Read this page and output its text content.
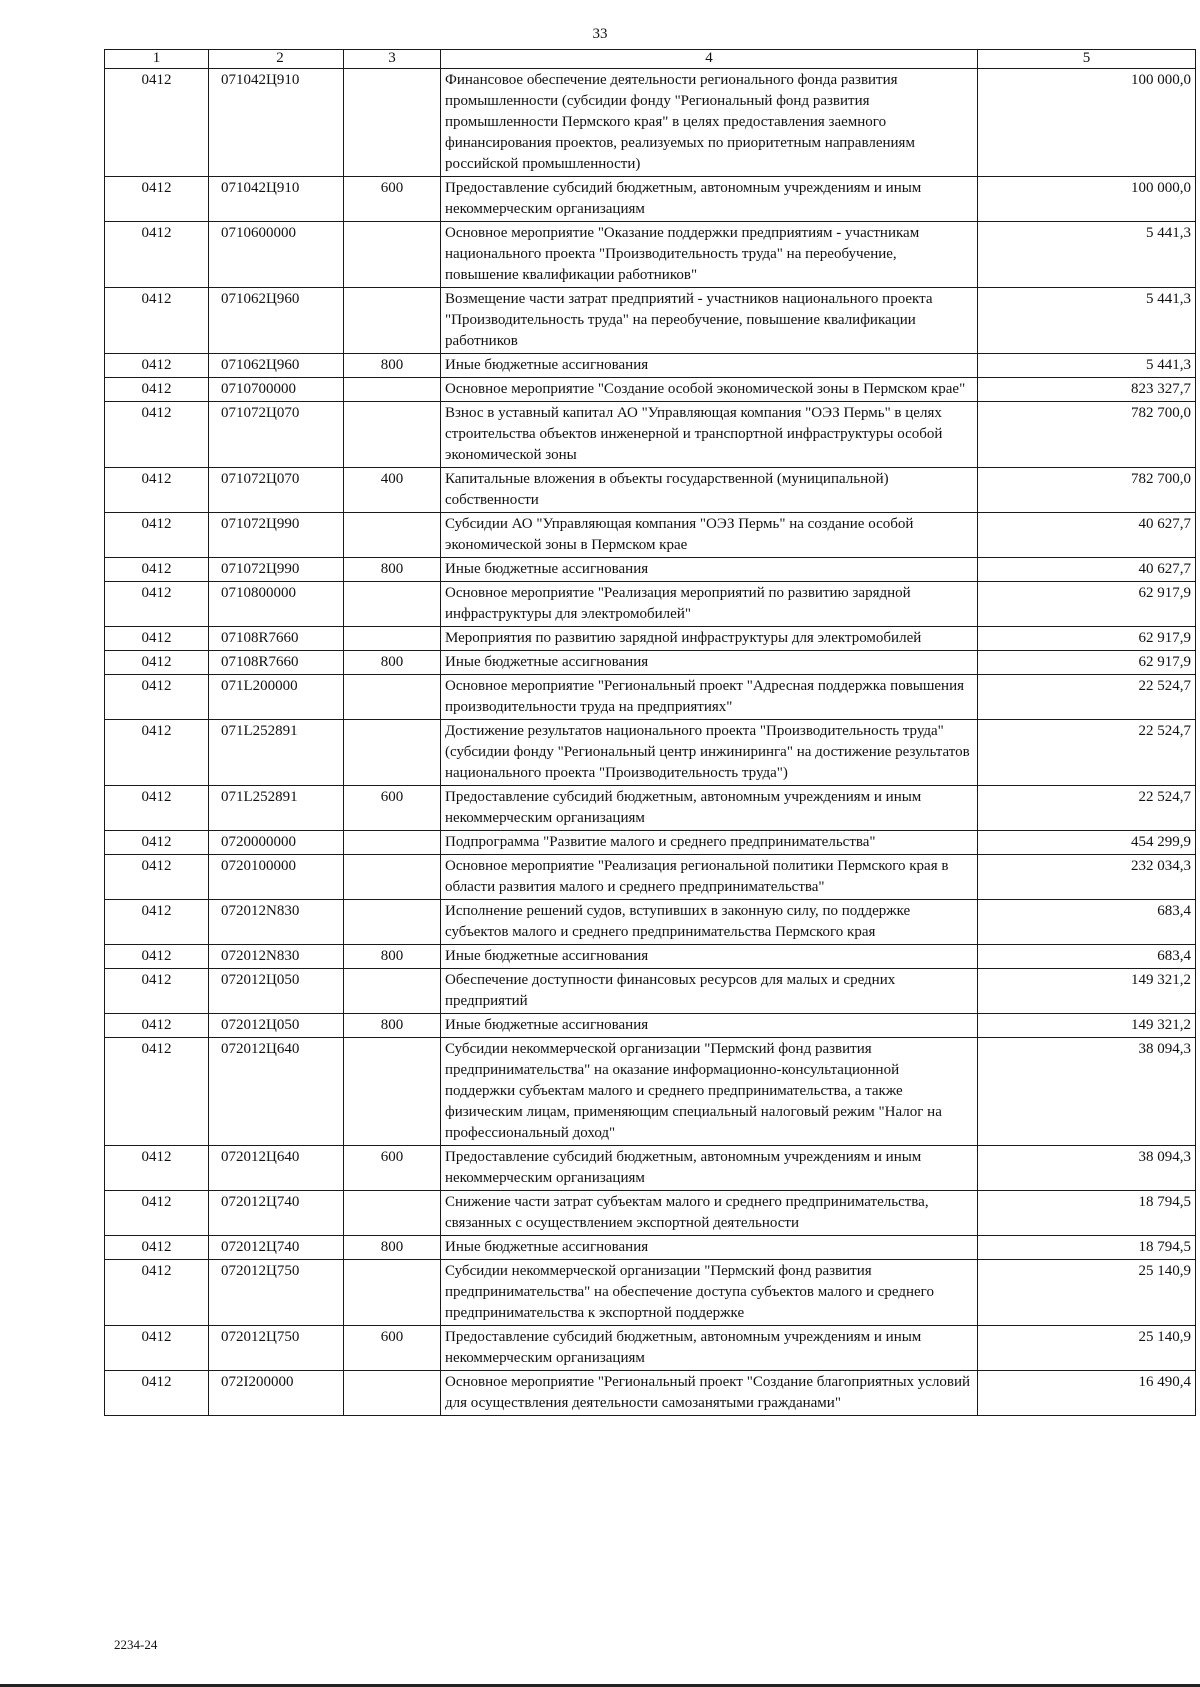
33
1	2	3	4	5
0412	071042Ц910		Финансовое обеспечение деятельности регионального фонда развития промышленности (субсидии фонду "Региональный фонд развития промышленности Пермского края" в целях предоставления заемного финансирования проектов, реализуемых по приоритетным направлениям российской промышленности)	100 000,0
0412	071042Ц910	600	Предоставление субсидий бюджетным, автономным учреждениям и иным некоммерческим организациям	100 000,0
0412	0710600000		Основное мероприятие "Оказание поддержки предприятиям - участникам национального проекта "Производительность труда" на переобучение, повышение квалификации работников"	5 441,3
0412	071062Ц960		Возмещение части затрат предприятий - участников национального проекта "Производительность труда" на переобучение, повышение квалификации работников	5 441,3
0412	071062Ц960	800	Иные бюджетные ассигнования	5 441,3
0412	0710700000		Основное мероприятие "Создание особой экономической зоны в Пермском крае"	823 327,7
0412	071072Ц070		Взнос в уставный капитал АО "Управляющая компания "ОЭЗ Пермь" в целях строительства объектов инженерной и транспортной инфраструктуры особой экономической зоны	782 700,0
0412	071072Ц070	400	Капитальные вложения в объекты государственной (муниципальной) собственности	782 700,0
0412	071072Ц990		Субсидии АО "Управляющая компания "ОЭЗ Пермь" на создание особой экономической зоны в Пермском крае	40 627,7
0412	071072Ц990	800	Иные бюджетные ассигнования	40 627,7
0412	0710800000		Основное мероприятие "Реализация мероприятий по развитию зарядной инфраструктуры для электромобилей"	62 917,9
0412	07108R7660		Мероприятия по развитию зарядной инфраструктуры для электромобилей	62 917,9
0412	07108R7660	800	Иные бюджетные ассигнования	62 917,9
0412	071L200000		Основное мероприятие "Региональный проект "Адресная поддержка повышения производительности труда на предприятиях"	22 524,7
0412	071L252891		Достижение результатов национального проекта "Производительность труда" (субсидии фонду "Региональный центр инжиниринга" на достижение результатов национального проекта "Производительность труда")	22 524,7
0412	071L252891	600	Предоставление субсидий бюджетным, автономным учреждениям и иным некоммерческим организациям	22 524,7
0412	0720000000		Подпрограмма "Развитие малого и среднего предпринимательства"	454 299,9
0412	0720100000		Основное мероприятие "Реализация региональной политики Пермского края в области развития малого и среднего предпринимательства"	232 034,3
0412	072012N830		Исполнение решений судов, вступивших в законную силу, по поддержке субъектов малого и среднего предпринимательства Пермского края	683,4
0412	072012N830	800	Иные бюджетные ассигнования	683,4
0412	072012Ц050		Обеспечение доступности финансовых ресурсов для малых и средних предприятий	149 321,2
0412	072012Ц050	800	Иные бюджетные ассигнования	149 321,2
0412	072012Ц640		Субсидии некоммерческой организации "Пермский фонд развития предпринимательства" на оказание информационно-консультационной поддержки субъектам малого и среднего предпринимательства, а также физическим лицам, применяющим специальный налоговый режим "Налог на профессиональный доход"	38 094,3
0412	072012Ц640	600	Предоставление субсидий бюджетным, автономным учреждениям и иным некоммерческим организациям	38 094,3
0412	072012Ц740		Снижение части затрат субъектам малого и среднего предпринимательства, связанных с осуществлением экспортной деятельности	18 794,5
0412	072012Ц740	800	Иные бюджетные ассигнования	18 794,5
0412	072012Ц750		Субсидии некоммерческой организации "Пермский фонд развития предпринимательства" на обеспечение доступа субъектов малого и среднего предпринимательства к экспортной поддержке	25 140,9
0412	072012Ц750	600	Предоставление субсидий бюджетным, автономным учреждениям и иным некоммерческим организациям	25 140,9
0412	072I200000		Основное мероприятие "Региональный проект "Создание благоприятных условий для осуществления деятельности самозанятыми гражданами"	16 490,4
2234-24
